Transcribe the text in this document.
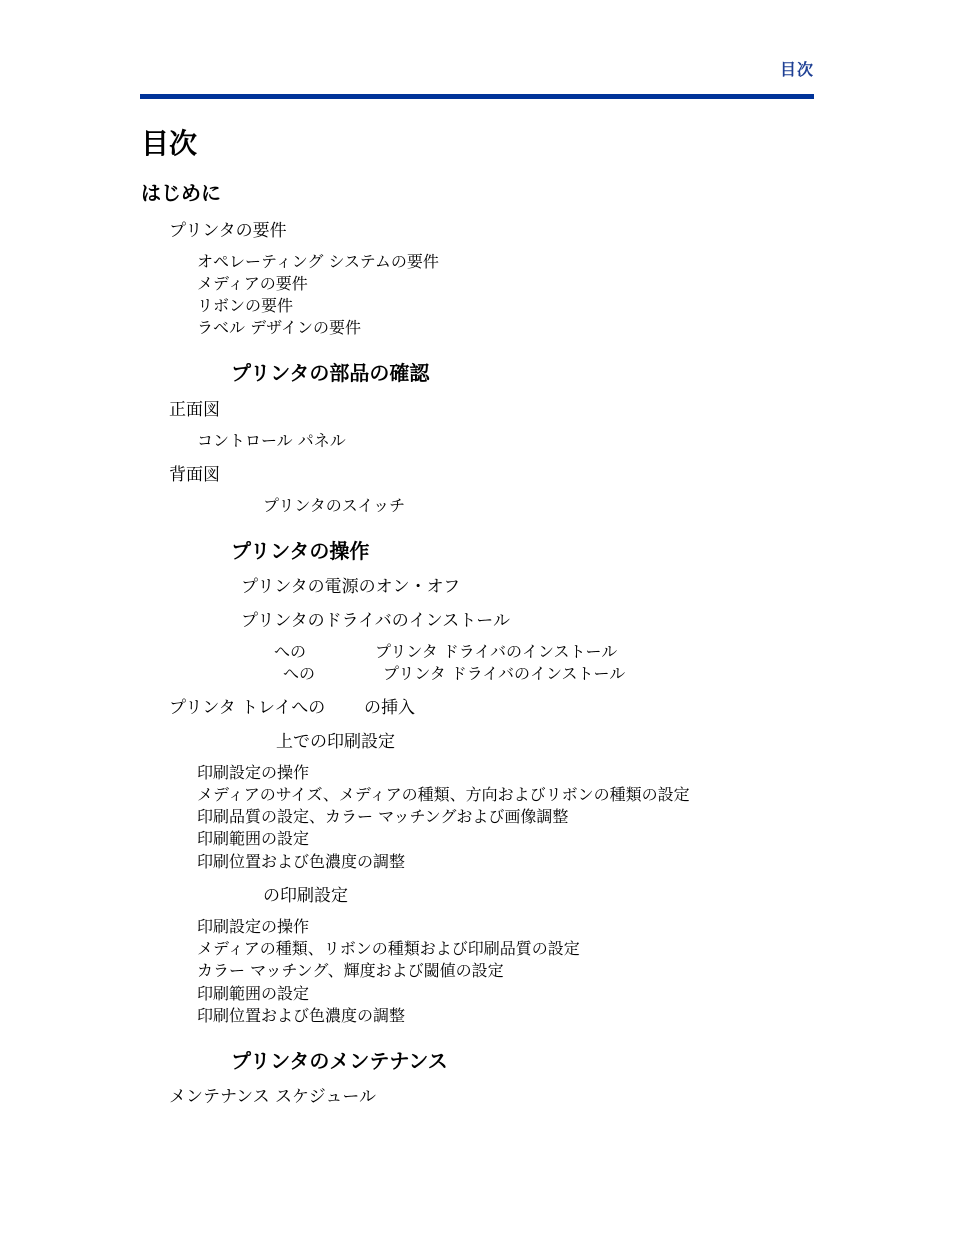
目次
目次
はじめに
プリンタの要件
オペレーティング システムの要件
メディアの要件
リボンの要件
ラベル デザインの要件
プリンタの部品の確認
正面図
コントロール パネル
背面図
プリンタのスイッチ
プリンタの操作
プリンタの電源のオン・オフ
プリンタのドライバのインストール
への	プリンタ ドライバのインストール
への	プリンタ ドライバのインストール
プリンタ トレイへの の挿入
上での印刷設定
印刷設定の操作
メディアのサイズ、メディアの種類、方向およびリボンの種類の設定
印刷品質の設定、カラー マッチングおよび画像調整
印刷範囲の設定
印刷位置および色濃度の調整
の印刷設定
印刷設定の操作
メディアの種類、リボンの種類および印刷品質の設定
カラー マッチング、輝度および閾値の設定
印刷範囲の設定
印刷位置および色濃度の調整
プリンタのメンテナンス
メンテナンス スケジュール
